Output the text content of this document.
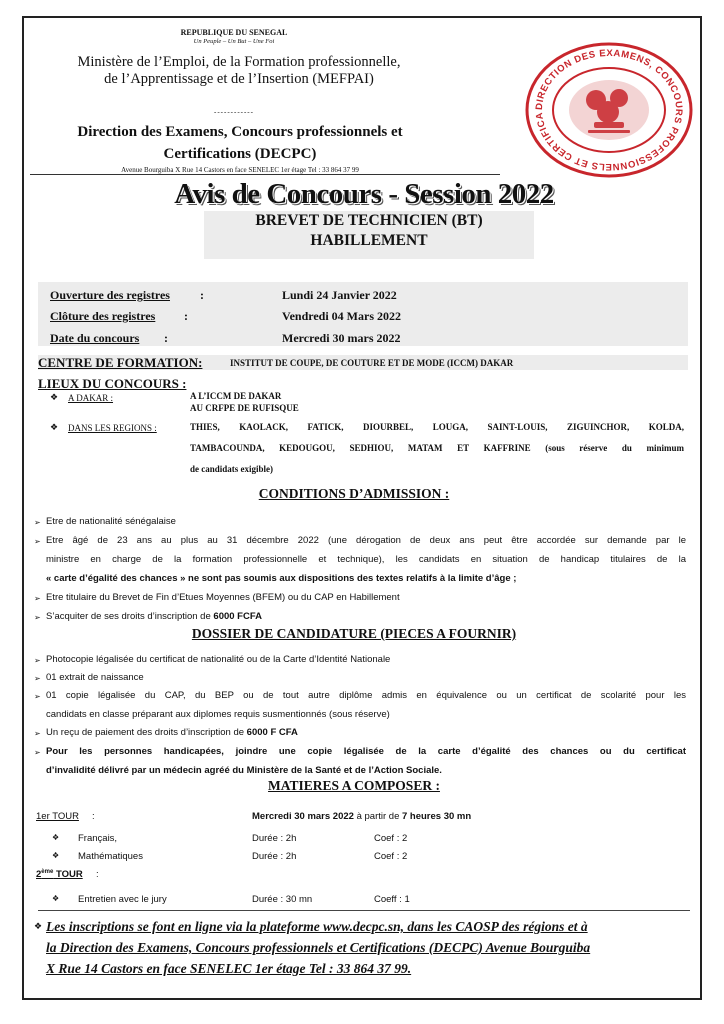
REPUBLIQUE DU SENEGAL
Un Peuple – Un But – Une Foi
Ministère de l’Emploi, de la Formation professionnelle, de l’Apprentissage et de l’Insertion (MEFPAI)
------------
Direction des Examens, Concours professionnels et Certifications (DECPC)
Avenue Bourguiba X Rue 14 Castors en face SENELEC 1er étage Tel : 33 864 37 99
DIRECTION DES EXAMENS, CONCOURS PROFESSIONNELS ET CERTIFICA
Avis de Concours - Session 2022
BREVET DE TECHNICIEN (BT)
HABILLEMENT
Ouverture des registres	:	Lundi 24 Janvier 2022
Clôture des registres :	Vendredi 04 Mars 2022
Date du concours :	Mercredi 30 mars 2022
CENTRE DE FORMATION:	INSTITUT DE COUPE, DE COUTURE ET DE MODE (ICCM) DAKAR
LIEUX DU CONCOURS :
❖ A DAKAR :	A L’ICCM DE DAKAR
AU CRFPE DE RUFISQUE
❖ DANS LES REGIONS :	THIES, KAOLACK, FATICK, DIOURBEL, LOUGA, SAINT-LOUIS, ZIGUINCHOR, KOLDA,
TAMBACOUNDA, KEDOUGOU, SEDHIOU, MATAM ET KAFFRINE (sous réserve du minimum
de candidats exigible)
CONDITIONS D’ADMISSION :
➢ Etre de nationalité sénégalaise
➢ Etre âgé de 23 ans au plus au 31 décembre 2022 (une dérogation de deux ans peut être accordée sur demande par le
ministre en charge de la formation professionnelle et technique), les candidats en situation de handicap titulaires de la
« carte d’égalité des chances » ne sont pas soumis aux dispositions des textes relatifs à la limite d’âge ;
➢ Etre titulaire du Brevet de Fin d’Etues Moyennes (BFEM) ou du CAP en Habillement
➢ S’acquiter de ses droits d’inscription de 6000 FCFA
DOSSIER DE CANDIDATURE (PIECES A FOURNIR)
➢ Photocopie légalisée du certificat de nationalité ou de la Carte d’Identité Nationale
➢ 01 extrait de naissance
➢ 01 copie légalisée du CAP, du BEP ou de tout autre diplôme admis en équivalence ou un certificat de scolarité pour les
candidats en classe préparant aux diplomes requis susmentionnés (sous réserve)
➢ Un reçu de paiement des droits d’inscription de 6000 F CFA
➢ Pour les personnes handicapées, joindre une copie légalisée de la carte d’égalité des chances ou du certificat
d’invalidité délivré par un médecin agréé du Ministère de la Santé et de l’Action Sociale.
MATIERES A COMPOSER :
1er TOUR :	Mercredi 30 mars 2022 à partir de 7 heures 30 mn
❖ Français,	Durée : 2h	Coef : 2
❖ Mathématiques	Durée : 2h	Coef : 2
2ème TOUR :
❖ Entretien avec le jury	Durée : 30 mn	Coeff : 1
❖ Les inscriptions se font en ligne via la plateforme www.decpc.sn, dans les CAOSP des régions et à
la Direction des Examens, Concours professionnels et Certifications (DECPC) Avenue Bourguiba
X Rue 14 Castors en face SENELEC 1er étage Tel : 33 864 37 99.
